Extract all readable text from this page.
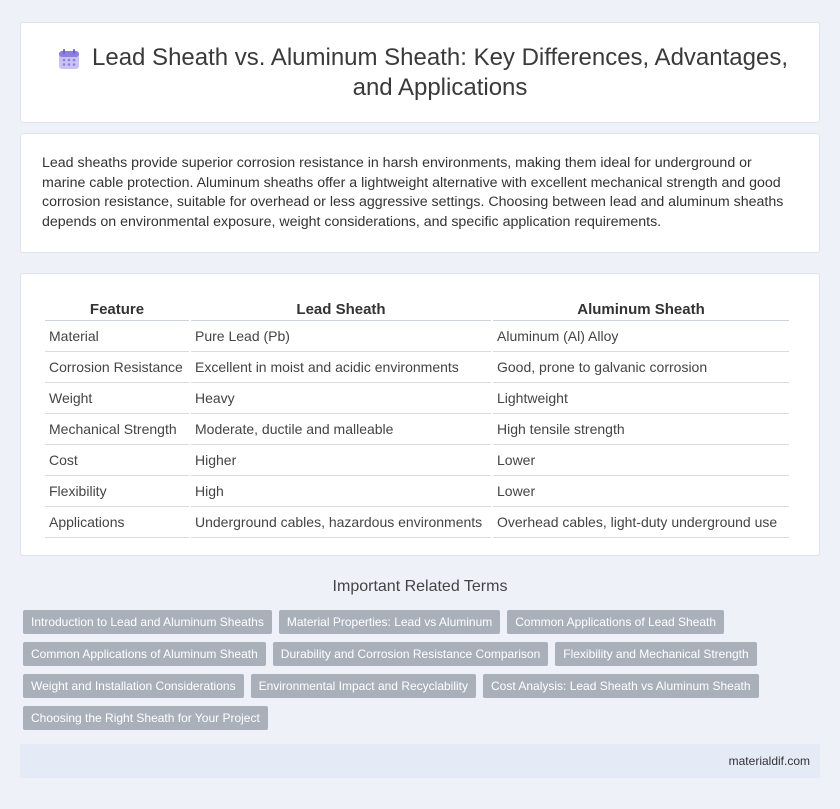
Lead Sheath vs. Aluminum Sheath: Key Differences, Advantages, and Applications

Lead sheaths provide superior corrosion resistance in harsh environments, making them ideal for underground or marine cable protection. Aluminum sheaths offer a lightweight alternative with excellent mechanical strength and good corrosion resistance, suitable for overhead or less aggressive settings. Choosing between lead and aluminum sheaths depends on environmental exposure, weight considerations, and specific application requirements.

Feature	Lead Sheath	Aluminum Sheath
Material	Pure Lead (Pb)	Aluminum (Al) Alloy
Corrosion Resistance	Excellent in moist and acidic environments	Good, prone to galvanic corrosion
Weight	Heavy	Lightweight
Mechanical Strength	Moderate, ductile and malleable	High tensile strength
Cost	Higher	Lower
Flexibility	High	Lower
Applications	Underground cables, hazardous environments	Overhead cables, light-duty underground use
Important Related Terms
Introduction to Lead and Aluminum Sheaths	Material Properties: Lead vs Aluminum	Common Applications of Lead Sheath
Common Applications of Aluminum Sheath	Durability and Corrosion Resistance Comparison	Flexibility and Mechanical Strength
Weight and Installation Considerations	Environmental Impact and Recyclability	Cost Analysis: Lead Sheath vs Aluminum Sheath
Choosing the Right Sheath for Your Project
materialdif.com
